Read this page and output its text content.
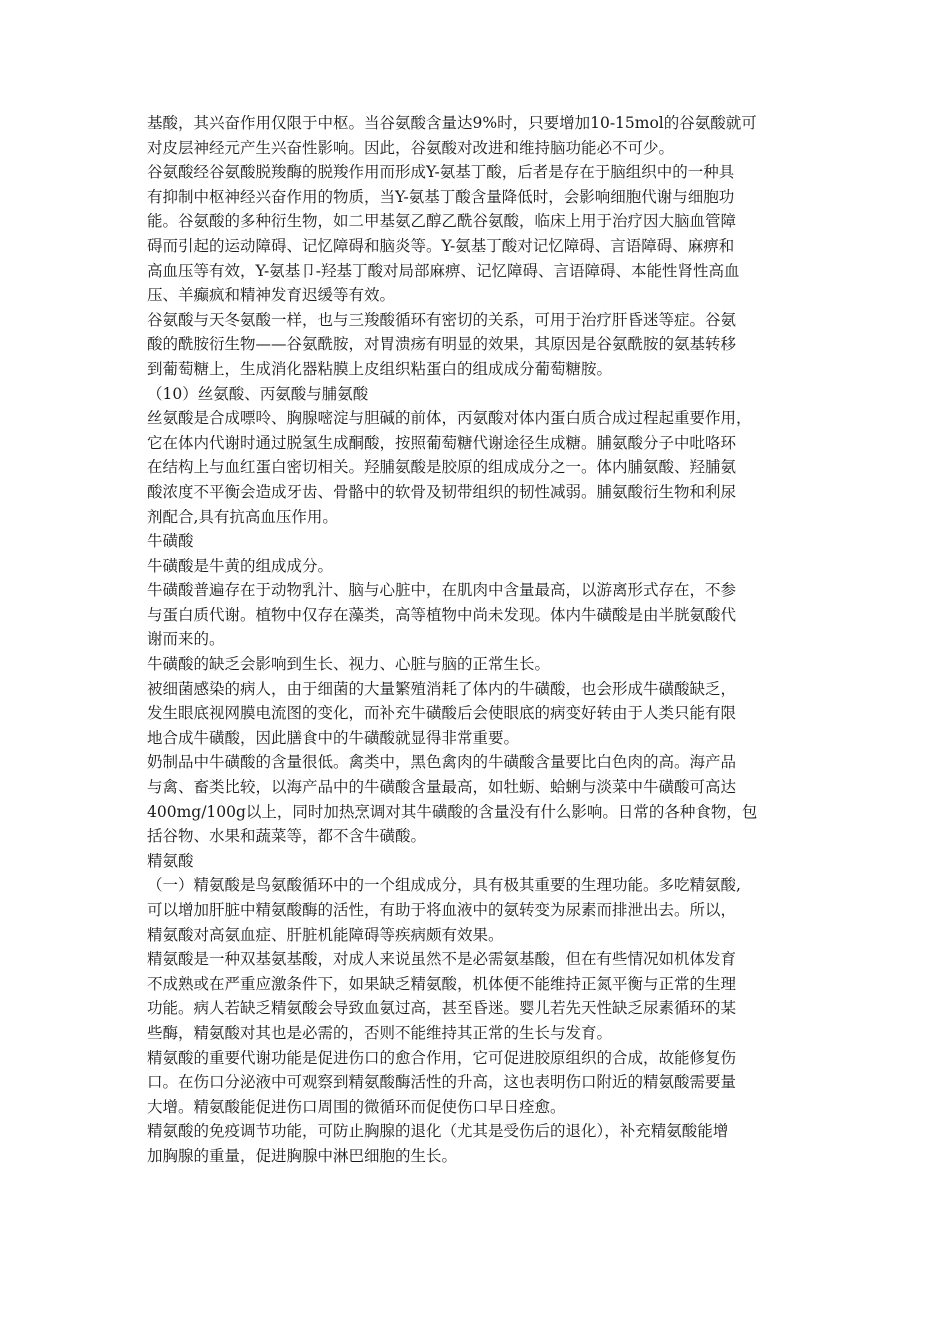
基酸，其兴奋作用仅限于中枢。当谷氨酸含量达9%时，只要增加10-15mol的谷氨酸就可
对皮层神经元产生兴奋性影响。因此，谷氨酸对改进和维持脑功能必不可少。
谷氨酸经谷氨酸脱羧酶的脱羧作用而形成Y-氨基丁酸，后者是存在于脑组织中的一种具
有抑制中枢神经兴奋作用的物质，当Y-氨基丁酸含量降低时，会影响细胞代谢与细胞功
能。谷氨酸的多种衍生物，如二甲基氨乙醇乙酰谷氨酸，临床上用于治疗因大脑血管障
碍而引起的运动障碍、记忆障碍和脑炎等。Y-氨基丁酸对记忆障碍、言语障碍、麻痹和
高血压等有效，Y-氨基卩-羟基丁酸对局部麻痹、记忆障碍、言语障碍、本能性肾性高血
压、羊癫疯和精神发育迟缓等有效。
谷氨酸与天冬氨酸一样，也与三羧酸循环有密切的关系，可用于治疗肝昏迷等症。谷氨
酸的酰胺衍生物——谷氨酰胺，对胃溃疡有明显的效果，其原因是谷氨酰胺的氨基转移
到葡萄糖上，生成消化器粘膜上皮组织粘蛋白的组成成分葡萄糖胺。
（10）丝氨酸、丙氨酸与脯氨酸
丝氨酸是合成嘌呤、胸腺嘧淀与胆碱的前体，丙氨酸对体内蛋白质合成过程起重要作用，
它在体内代谢时通过脱氢生成酮酸，按照葡萄糖代谢途径生成糖。脯氨酸分子中吡咯环
在结构上与血红蛋白密切相关。羟脯氨酸是胶原的组成成分之一。体内脯氨酸、羟脯氨
酸浓度不平衡会造成牙齿、骨骼中的软骨及韧带组织的韧性减弱。脯氨酸衍生物和利尿
剂配合,具有抗高血压作用。
牛磺酸
牛磺酸是牛黄的组成成分。
牛磺酸普遍存在于动物乳汁、脑与心脏中，在肌肉中含量最高，以游离形式存在，不参
与蛋白质代谢。植物中仅存在藻类，高等植物中尚未发现。体内牛磺酸是由半胱氨酸代
谢而来的。
牛磺酸的缺乏会影响到生长、视力、心脏与脑的正常生长。
被细菌感染的病人，由于细菌的大量繁殖消耗了体内的牛磺酸，也会形成牛磺酸缺乏，
发生眼底视网膜电流图的变化，而补充牛磺酸后会使眼底的病变好转由于人类只能有限
地合成牛磺酸，因此膳食中的牛磺酸就显得非常重要。
奶制品中牛磺酸的含量很低。禽类中，黑色禽肉的牛磺酸含量要比白色肉的高。海产品
与禽、畜类比较，以海产品中的牛磺酸含量最高，如牡蛎、蛤蜊与淡菜中牛磺酸可高达
400mg/100g以上，同时加热烹调对其牛磺酸的含量没有什么影响。日常的各种食物，包
括谷物、水果和蔬菜等，都不含牛磺酸。
精氨酸
（一）精氨酸是鸟氨酸循环中的一个组成成分，具有极其重要的生理功能。多吃精氨酸,
可以增加肝脏中精氨酸酶的活性，有助于将血液中的氨转变为尿素而排泄出去。所以，
精氨酸对高氨血症、肝脏机能障碍等疾病颇有效果。
精氨酸是一种双基氨基酸，对成人来说虽然不是必需氨基酸，但在有些情况如机体发育
不成熟或在严重应激条件下，如果缺乏精氨酸，机体便不能维持正氮平衡与正常的生理
功能。病人若缺乏精氨酸会导致血氨过高，甚至昏迷。婴儿若先天性缺乏尿素循环的某
些酶，精氨酸对其也是必需的，否则不能维持其正常的生长与发育。
精氨酸的重要代谢功能是促进伤口的愈合作用，它可促进胶原组织的合成，故能修复伤
口。在伤口分泌液中可观察到精氨酸酶活性的升高，这也表明伤口附近的精氨酸需要量
大增。精氨酸能促进伤口周围的微循环而促使伤口早日痊愈。
精氨酸的免疫调节功能，可防止胸腺的退化（尤其是受伤后的退化），补充精氨酸能增
加胸腺的重量，促进胸腺中淋巴细胞的生长。
